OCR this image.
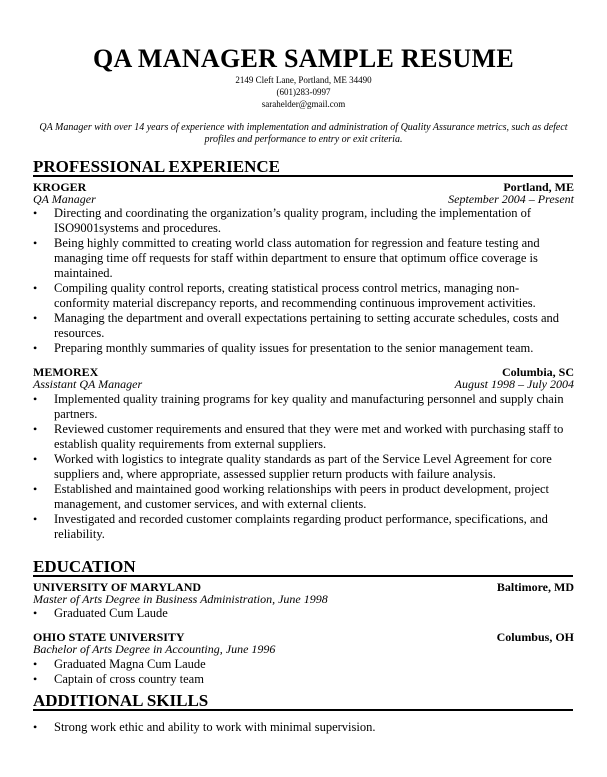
QA MANAGER SAMPLE RESUME
2149 Cleft Lane, Portland, ME 34490
(601)283-0997
sarahelder@gmail.com
QA Manager with over 14 years of experience with implementation and administration of Quality Assurance metrics, such as defect profiles and performance to entry or exit criteria.
PROFESSIONAL EXPERIENCE
KROGER	Portland, ME
QA Manager	September 2004 – Present
• Directing and coordinating the organization’s quality program, including the implementation of ISO9001systems and procedures.
• Being highly committed to creating world class automation for regression and feature testing and managing time off requests for staff within department to ensure that optimum office coverage is maintained.
• Compiling quality control reports, creating statistical process control metrics, managing non-conformity material discrepancy reports, and recommending continuous improvement activities.
• Managing the department and overall expectations pertaining to setting accurate schedules, costs and resources.
• Preparing monthly summaries of quality issues for presentation to the senior management team.
MEMOREX	Columbia, SC
Assistant QA Manager	August 1998 – July 2004
• Implemented quality training programs for key quality and manufacturing personnel and supply chain partners.
• Reviewed customer requirements and ensured that they were met and worked with purchasing staff to establish quality requirements from external suppliers.
• Worked with logistics to integrate quality standards as part of the Service Level Agreement for core suppliers and, where appropriate, assessed supplier return products with failure analysis.
• Established and maintained good working relationships with peers in product development, project management, and customer services, and with external clients.
• Investigated and recorded customer complaints regarding product performance, specifications, and reliability.
EDUCATION
UNIVERSITY OF MARYLAND	Baltimore, MD
Master of Arts Degree in Business Administration, June 1998
• Graduated Cum Laude
OHIO STATE UNIVERSITY	Columbus, OH
Bachelor of Arts Degree in Accounting, June 1996
• Graduated Magna Cum Laude
• Captain of cross country team
ADDITIONAL SKILLS
• Strong work ethic and ability to work with minimal supervision.
